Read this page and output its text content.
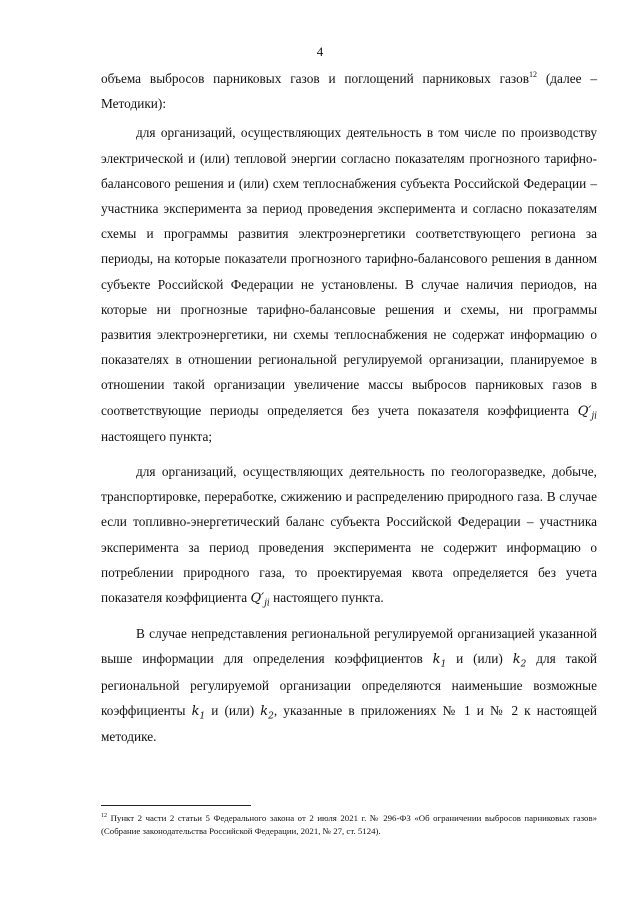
4

объема выбросов парниковых газов и поглощений парниковых газов$^{12}$ (далее – Методики):

для организаций, осуществляющих деятельность в том числе по производству электрической и (или) тепловой энергии согласно показателям прогнозного тарифно-балансового решения и (или) схем теплоснабжения субъекта Российской Федерации – участника эксперимента за период проведения эксперимента и согласно показателям схемы и программы развития электроэнергетики соответствующего региона за периоды, на которые показатели прогнозного тарифно-балансового решения в данном субъекте Российской Федерации не установлены. В случае наличия периодов, на которые ни прогнозные тарифно-балансовые решения и схемы, ни программы развития электроэнергетики, ни схемы теплоснабжения не содержат информацию о показателях в отношении региональной регулируемой организации, планируемое в отношении такой организации увеличение массы выбросов парниковых газов в соответствующие периоды определяется без учета показателя коэффициента $Q'_{ji}$ настоящего пункта;

для организаций, осуществляющих деятельность по геологоразведке, добыче, транспортировке, переработке, сжижению и распределению природного газа. В случае если топливно-энергетический баланс субъекта Российской Федерации – участника эксперимента за период проведения эксперимента не содержит информацию о потреблении природного газа, то проектируемая квота определяется без учета показателя коэффициента $Q'_{ji}$ настоящего пункта.

В случае непредставления региональной регулируемой организацией указанной выше информации для определения коэффициентов $k_1$ и (или) $k_2$ для такой региональной регулируемой организации определяются наименьшие возможные коэффициенты $k_1$ и (или) $k_2$, указанные в приложениях № 1 и № 2 к настоящей методике.

$^{12}$ Пункт 2 части 2 статьи 5 Федерального закона от 2 июля 2021 г. № 296-ФЗ «Об ограничении выбросов парниковых газов» (Собрание законодательства Российской Федерации, 2021, № 27, ст. 5124).
